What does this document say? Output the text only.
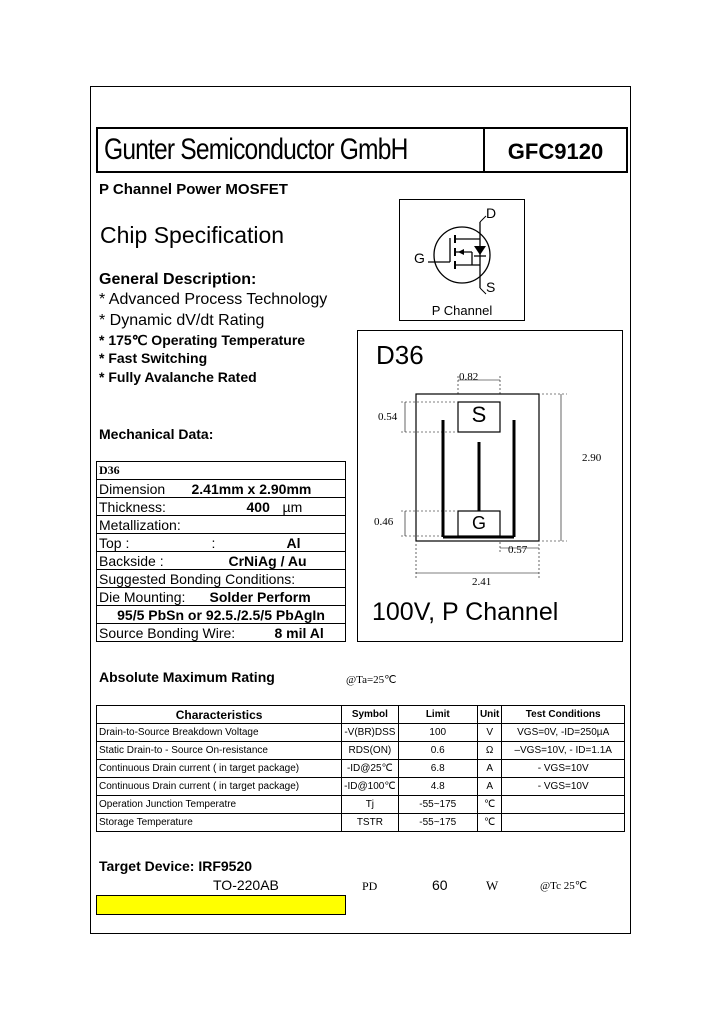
Gunter Semiconductor GmbH	GFC9120
P Channel Power MOSFET
Chip Specification
General Description:
* Advanced Process Technology
* Dynamic dV/dt Rating
* 175℃ Operating Temperature
* Fast Switching
* Fully Avalanche Rated
D
G
S
P Channel
D36
0.82
0.54
2.90
0.46
0.57
2.41
S
G
100V, P Channel
Mechanical Data:
D36
Dimension 2.41mm x 2.90mm

Thickness:	400 µm

Metallization:
Top :	:	Al

Backside :	CrNiAg / Au

Suggested Bonding Conditions:
Die Mounting: Solder Perform

95/5 PbSn or 92.5./2.5/5 PbAgIn
Source Bonding Wire:	8 mil Al
Absolute Maximum Rating	@Ta=25℃
Characteristics	Symbol	Limit	Unit	Test Conditions
Drain-to-Source Breakdown Voltage	-V(BR)DSS	100	V	VGS=0V, -ID=250µA
Static Drain-to - Source On-resistance	RDS(ON)	0.6	Ω	–VGS=10V, - ID=1.1A
Continuous Drain current ( in target package)	-ID@25℃	6.8	A	- VGS=10V
Continuous Drain current ( in target package)	-ID@100℃	4.8	A	- VGS=10V
Operation Junction Temperatre	Tj	-55~175	℃	
Storage Temperature	TSTR	-55~175	℃	
Target Device: IRF9520
TO-220AB	PD	60	W	@Tc 25℃
